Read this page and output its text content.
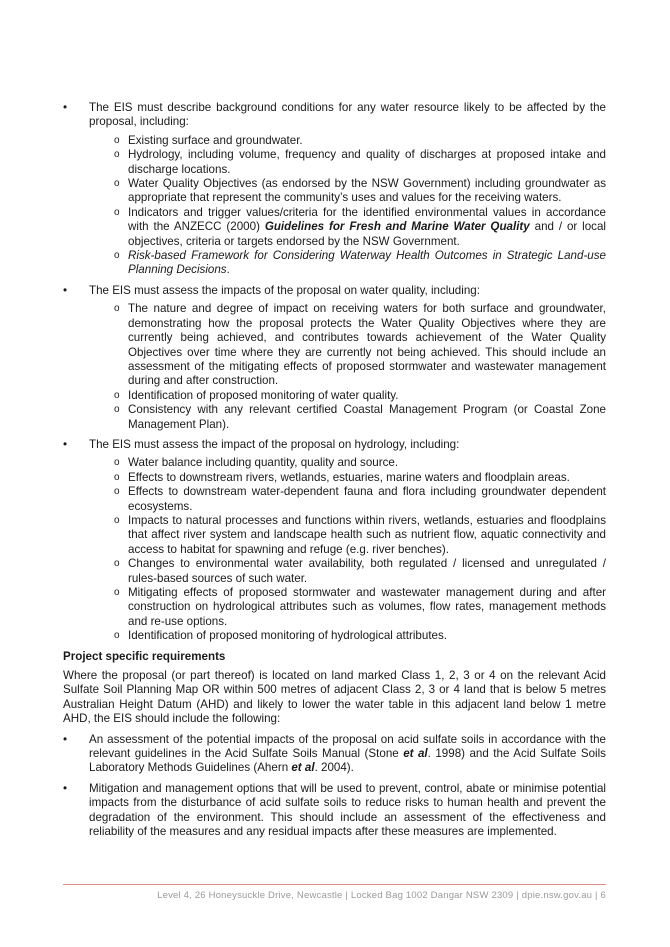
•	The EIS must describe background conditions for any water resource likely to be affected by the proposal, including:
o Existing surface and groundwater.
o Hydrology, including volume, frequency and quality of discharges at proposed intake and discharge locations.
o Water Quality Objectives (as endorsed by the NSW Government) including groundwater as appropriate that represent the community’s uses and values for the receiving waters.
o Indicators and trigger values/criteria for the identified environmental values in accordance with the ANZECC (2000) Guidelines for Fresh and Marine Water Quality and / or local objectives, criteria or targets endorsed by the NSW Government.
o Risk-based Framework for Considering Waterway Health Outcomes in Strategic Land-use Planning Decisions.
•	The EIS must assess the impacts of the proposal on water quality, including:
o The nature and degree of impact on receiving waters for both surface and groundwater, demonstrating how the proposal protects the Water Quality Objectives where they are currently being achieved, and contributes towards achievement of the Water Quality Objectives over time where they are currently not being achieved. This should include an assessment of the mitigating effects of proposed stormwater and wastewater management during and after construction.
o Identification of proposed monitoring of water quality.
o Consistency with any relevant certified Coastal Management Program (or Coastal Zone Management Plan).
•	The EIS must assess the impact of the proposal on hydrology, including:
o Water balance including quantity, quality and source.
o Effects to downstream rivers, wetlands, estuaries, marine waters and floodplain areas.
o Effects to downstream water-dependent fauna and flora including groundwater dependent ecosystems.
o Impacts to natural processes and functions within rivers, wetlands, estuaries and floodplains that affect river system and landscape health such as nutrient flow, aquatic connectivity and access to habitat for spawning and refuge (e.g. river benches).
o Changes to environmental water availability, both regulated / licensed and unregulated / rules-based sources of such water.
o Mitigating effects of proposed stormwater and wastewater management during and after construction on hydrological attributes such as volumes, flow rates, management methods and re-use options.
o Identification of proposed monitoring of hydrological attributes.
Project specific requirements

Where the proposal (or part thereof) is located on land marked Class 1, 2, 3 or 4 on the relevant Acid Sulfate Soil Planning Map OR within 500 metres of adjacent Class 2, 3 or 4 land that is below 5 metres Australian Height Datum (AHD) and likely to lower the water table in this adjacent land below 1 metre AHD, the EIS should include the following:

•	An assessment of the potential impacts of the proposal on acid sulfate soils in accordance with the relevant guidelines in the Acid Sulfate Soils Manual (Stone et al. 1998) and the Acid Sulfate Soils Laboratory Methods Guidelines (Ahern et al. 2004).
•	Mitigation and management options that will be used to prevent, control, abate or minimise potential impacts from the disturbance of acid sulfate soils to reduce risks to human health and prevent the degradation of the environment. This should include an assessment of the effectiveness and reliability of the measures and any residual impacts after these measures are implemented.
Level 4, 26 Honeysuckle Drive, Newcastle | Locked Bag 1002 Dangar NSW 2309 | dpie.nsw.gov.au | 6
